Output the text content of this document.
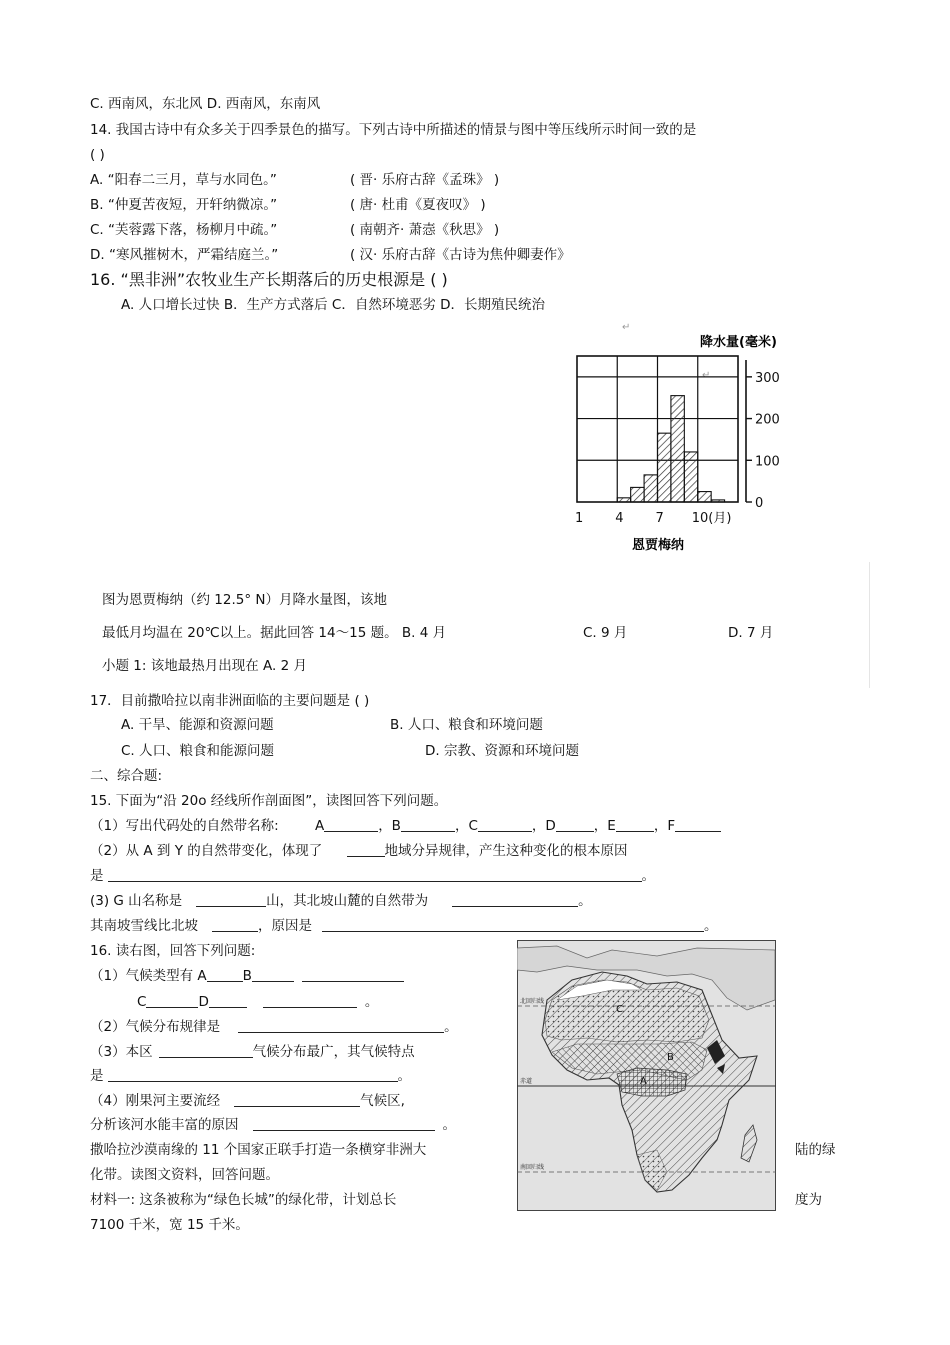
C. 西南风，东北风 D. 西南风，东南风
14. 我国古诗中有众多关于四季景色的描写。下列古诗中所描述的情景与图中等压线所示时间一致的是
( )
A. “阳春二三月，草与水同色。”	( 晋· 乐府古辞《孟珠》 )
B. “仲夏苦夜短，开轩纳微凉。”	( 唐· 杜甫《夏夜叹》 )
C. “芙蓉露下落，杨柳月中疏。”	( 南朝齐· 萧悫《秋思》 )
D. “寒风摧树木，严霜结庭兰。”	( 汉· 乐府古辞《古诗为焦仲卿妻作》
16. “黑非洲”农牧业生产长期落后的历史根源是 ( )
A. 人口增长过快 B．生产方式落后 C．自然环境恶劣 D．长期殖民统治
↵
↵
降水量(毫米)
0
100
200
300
1 4 7 10(月)
恩贾梅纳
图为恩贾梅纳（约 12.5° N）月降水量图，该地
最低月均温在 20℃以上。据此回答 14～15 题。 B. 4 月	C. 9 月	D. 7 月
小题 1: 该地最热月出现在 A. 2 月
17．目前撒哈拉以南非洲面临的主要问题是 ( )
A. 干旱、能源和资源问题	B. 人口、粮食和环境问题
C. 人口、粮食和能源问题	D. 宗教、资源和环境问题
二、综合题:
15. 下面为“沿 20o 经线所作剖面图”，读图回答下列问题。
（1）写出代码处的自然带名称:	A	，B	，C	，D	，E	，F
（2）从 A 到 Y 的自然带变化，体现了	地域分异规律，产生这种变化的根本原因
是	。
(3) G 山名称是	山，其北坡山麓的自然带为	。
其南坡雪线比北坡	，原因是	。
16. 读右图，回答下列问题:
（1）气候类型有 A	B
C	D	。
（2）气候分布规律是	。
（3）本区	气候分布最广，其气候特点
是	。
（4）刚果河主要流经	气候区,
分析该河水能丰富的原因	。
撒哈拉沙漠南缘的 11 个国家正联手打造一条横穿非洲大	陆的绿
化带。读图文资料，回答问题。
材料一: 这条被称为“绿色长城”的绿化带，计划总长	度为
7100 千米，宽 15 千米。
北回归线
赤道
南回归线
C
B
A
